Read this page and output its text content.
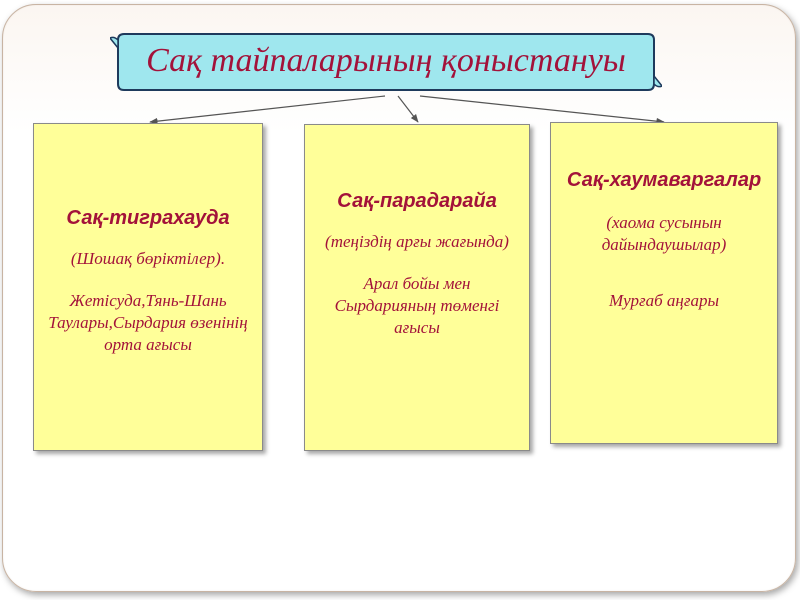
Сақ тайпаларының қоныстануы
Сақ-тиграхауда
(Шошақ бөріктілер).
Жетісуда,Тянь-Шань Таулары,Сырдария өзенінің орта ағысы
Сақ-парадарайа
(теңіздің арғы жағында)
Арал бойы мен Сырдарияның төменгі ағысы
Сақ-хаумаваргалар
(хаома сусынын дайындаушылар)
Мурғаб аңғары
